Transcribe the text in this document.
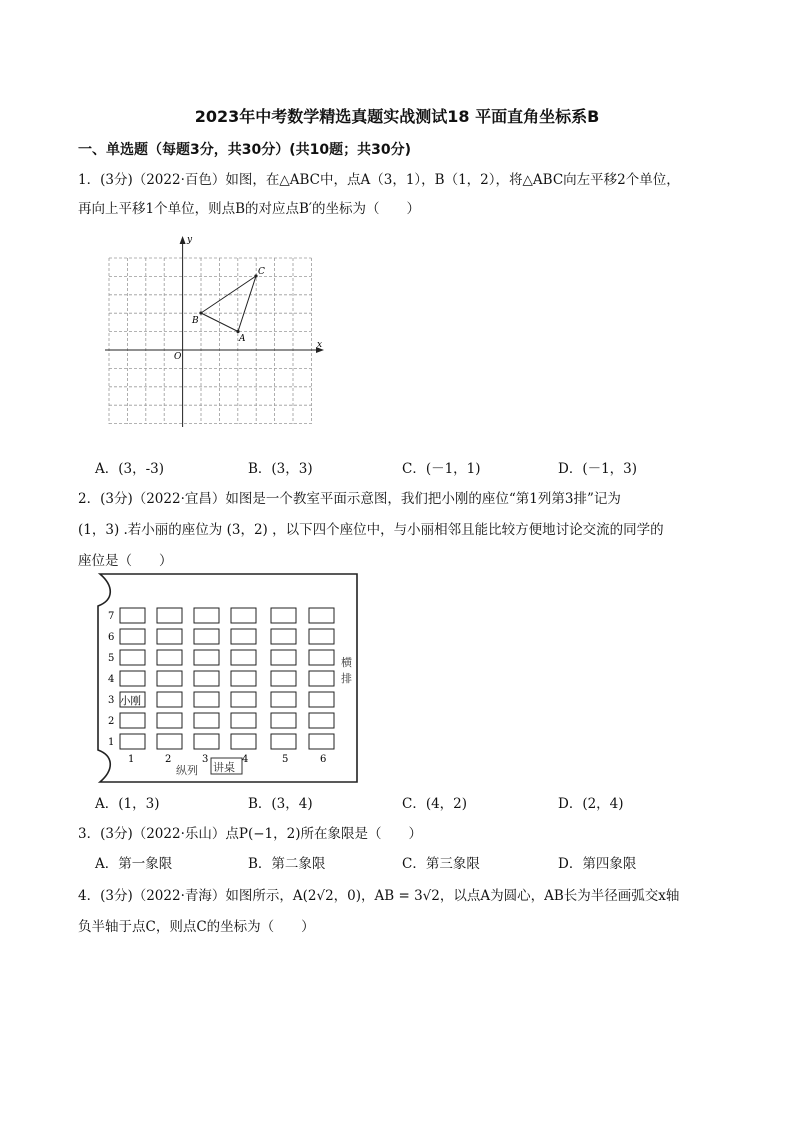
2023年中考数学精选真题实战测试18 平面直角坐标系B
一、单选题（每题3分，共30分）(共10题；共30分)
1．(3分)（2022·百色）如图，在△ABC中，点A（3，1），B（1，2），将△ABC向左平移2个单位，
再向上平移1个单位，则点B的对应点B′的坐标为（　　）
y
x
O
A
B
C
A．(3，-3)	B．(3，3)	C．(－1，1)	D．(－1，3)
2．(3分)（2022·宜昌）如图是一个教室平面示意图，我们把小刚的座位“第1列第3排”记为
(1，3) .若小丽的座位为 (3，2) ，以下四个座位中，与小丽相邻且能比较方便地讨论交流的同学的
座位是（　　）
7
6
5
4
3
2
1
小刚
1	2	3	4	5	6
纵列 讲桌
横
排
A．(1，3)	B．(3，4)	C．(4，2)	D．(2，4)
3．(3分)（2022·乐山）点P(−1，2)所在象限是（　　）
A．第一象限	B．第二象限	C．第三象限	D．第四象限
4．(3分)（2022·青海）如图所示，A(2√2，0)，AB = 3√2，以点A为圆心，AB长为半径画弧交x轴
负半轴于点C，则点C的坐标为（　　）
